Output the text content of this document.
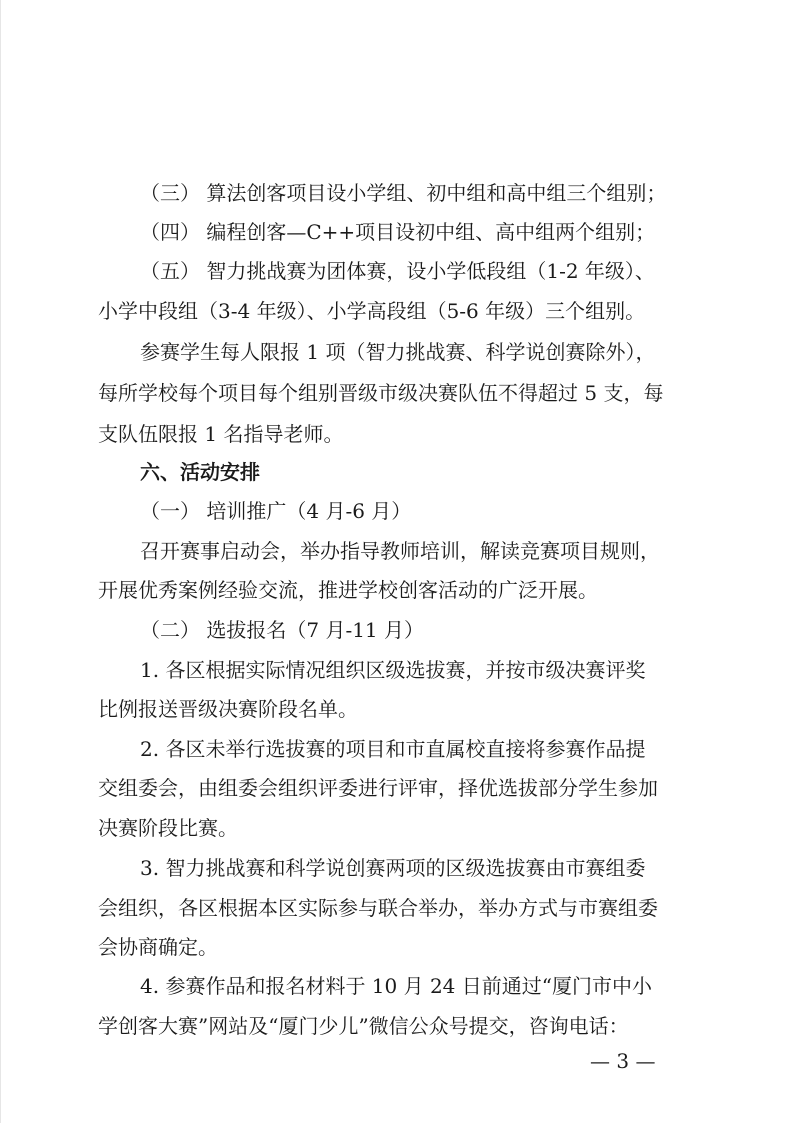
（三） 算法创客项目设小学组、初中组和高中组三个组别；
（四） 编程创客—C++项目设初中组、高中组两个组别；
（五） 智力挑战赛为团体赛，设小学低段组（1-2 年级）、
小学中段组（3-4 年级）、小学高段组（5-6 年级）三个组别。
参赛学生每人限报 1 项（智力挑战赛、科学说创赛除外），
每所学校每个项目每个组别晋级市级决赛队伍不得超过 5 支，每
支队伍限报 1 名指导老师。
六、活动安排
（一） 培训推广（4 月-6 月）
召开赛事启动会，举办指导教师培训，解读竞赛项目规则，
开展优秀案例经验交流，推进学校创客活动的广泛开展。
（二） 选拔报名（7 月-11 月）
1. 各区根据实际情况组织区级选拔赛，并按市级决赛评奖
比例报送晋级决赛阶段名单。
2. 各区未举行选拔赛的项目和市直属校直接将参赛作品提
交组委会，由组委会组织评委进行评审，择优选拔部分学生参加
决赛阶段比赛。
3. 智力挑战赛和科学说创赛两项的区级选拔赛由市赛组委
会组织，各区根据本区实际参与联合举办，举办方式与市赛组委
会协商确定。
4. 参赛作品和报名材料于 10 月 24 日前通过“厦门市中小
学创客大赛”网站及“厦门少儿”微信公众号提交，咨询电话：
— 3 —
